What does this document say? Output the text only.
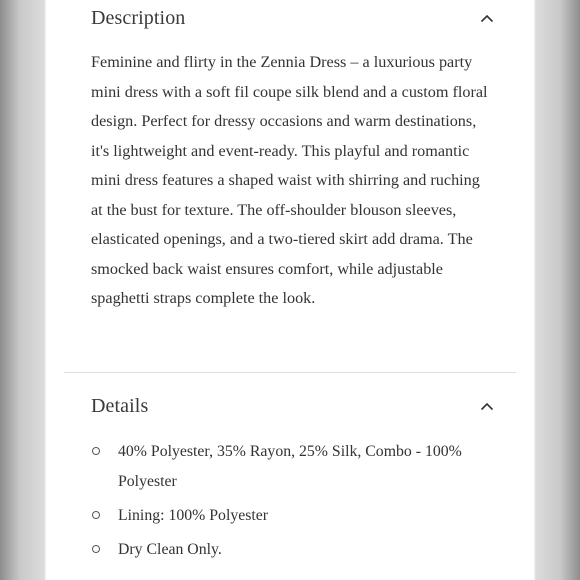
Description
Feminine and flirty in the Zennia Dress – a luxurious party mini dress with a soft fil coupe silk blend and a custom floral design. Perfect for dressy occasions and warm destinations, it's lightweight and event-ready. This playful and romantic mini dress features a shaped waist with shirring and ruching at the bust for texture. The off-shoulder blouson sleeves, elasticated openings, and a two-tiered skirt add drama. The smocked back waist ensures comfort, while adjustable spaghetti straps complete the look.
Details
40% Polyester, 35% Rayon, 25% Silk, Combo - 100% Polyester
Lining: 100% Polyester
Dry Clean Only.
